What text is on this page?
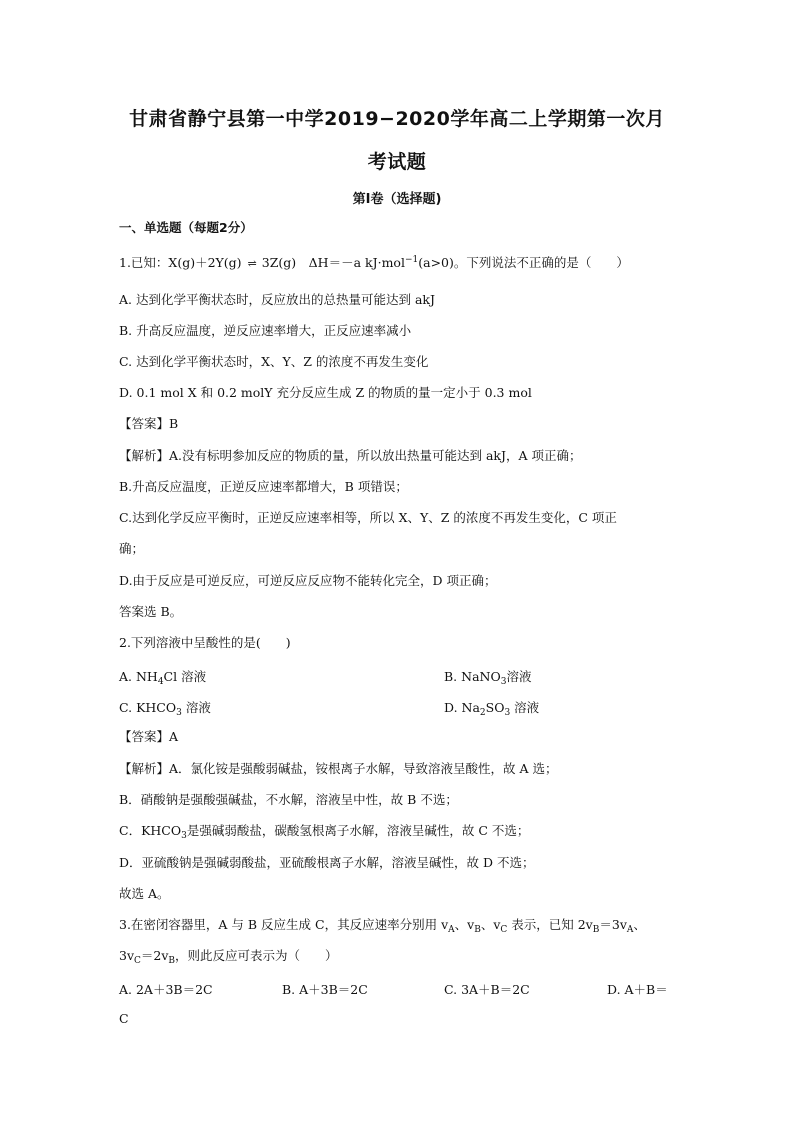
甘肃省静宁县第一中学2019−2020学年高二上学期第一次月
考试题
第Ⅰ卷（选择题)
一、单选题（每题2分）
1.已知：X(g)＋2Y(g) ⇌ 3Z(g)　ΔH＝－a kJ·mol$^{-1}$(a>0)。下列说法不正确的是（　　）
A. 达到化学平衡状态时，反应放出的总热量可能达到 akJ
B. 升高反应温度，逆反应速率增大，正反应速率减小
C. 达到化学平衡状态时，X、Y、Z 的浓度不再发生变化
D. 0.1 mol X 和 0.2 molY 充分反应生成 Z 的物质的量一定小于 0.3 mol
【答案】B
【解析】A.没有标明参加反应的物质的量，所以放出热量可能达到 akJ，A 项正确；
B.升高反应温度，正逆反应速率都增大，B 项错误；
C.达到化学反应平衡时，正逆反应速率相等，所以 X、Y、Z 的浓度不再发生变化，C 项正
确；
D.由于反应是可逆反应，可逆反应反应物不能转化完全，D 项正确；
答案选 B。
2.下列溶液中呈酸性的是(　　)
A. $NH_4Cl$ 溶液	B. NaNO$_3$溶液
C. $KHCO_3$ 溶液	D. $Na_2SO_3$ 溶液
【答案】A
【解析】A．氯化铵是强酸弱碱盐，铵根离子水解，导致溶液呈酸性，故 A 选；
B．硝酸钠是强酸强碱盐，不水解，溶液呈中性，故 B 不选；
C．$KHCO_3$是强碱弱酸盐，碳酸氢根离子水解，溶液呈碱性，故 C 不选；
D．亚硫酸钠是强碱弱酸盐，亚硫酸根离子水解，溶液呈碱性，故 D 不选；
故选 A。
3.在密闭容器里，A 与 B 反应生成 C，其反应速率分别用 $v_A$、$v_B$、$v_C$ 表示，已知 $2v_B=3v_A$、
$3v_C=2v_B$，则此反应可表示为（　　）
A. 2A＋3B＝2C	B. A＋3B＝2C	C. 3A＋B＝2C	D. A＋B＝
C
